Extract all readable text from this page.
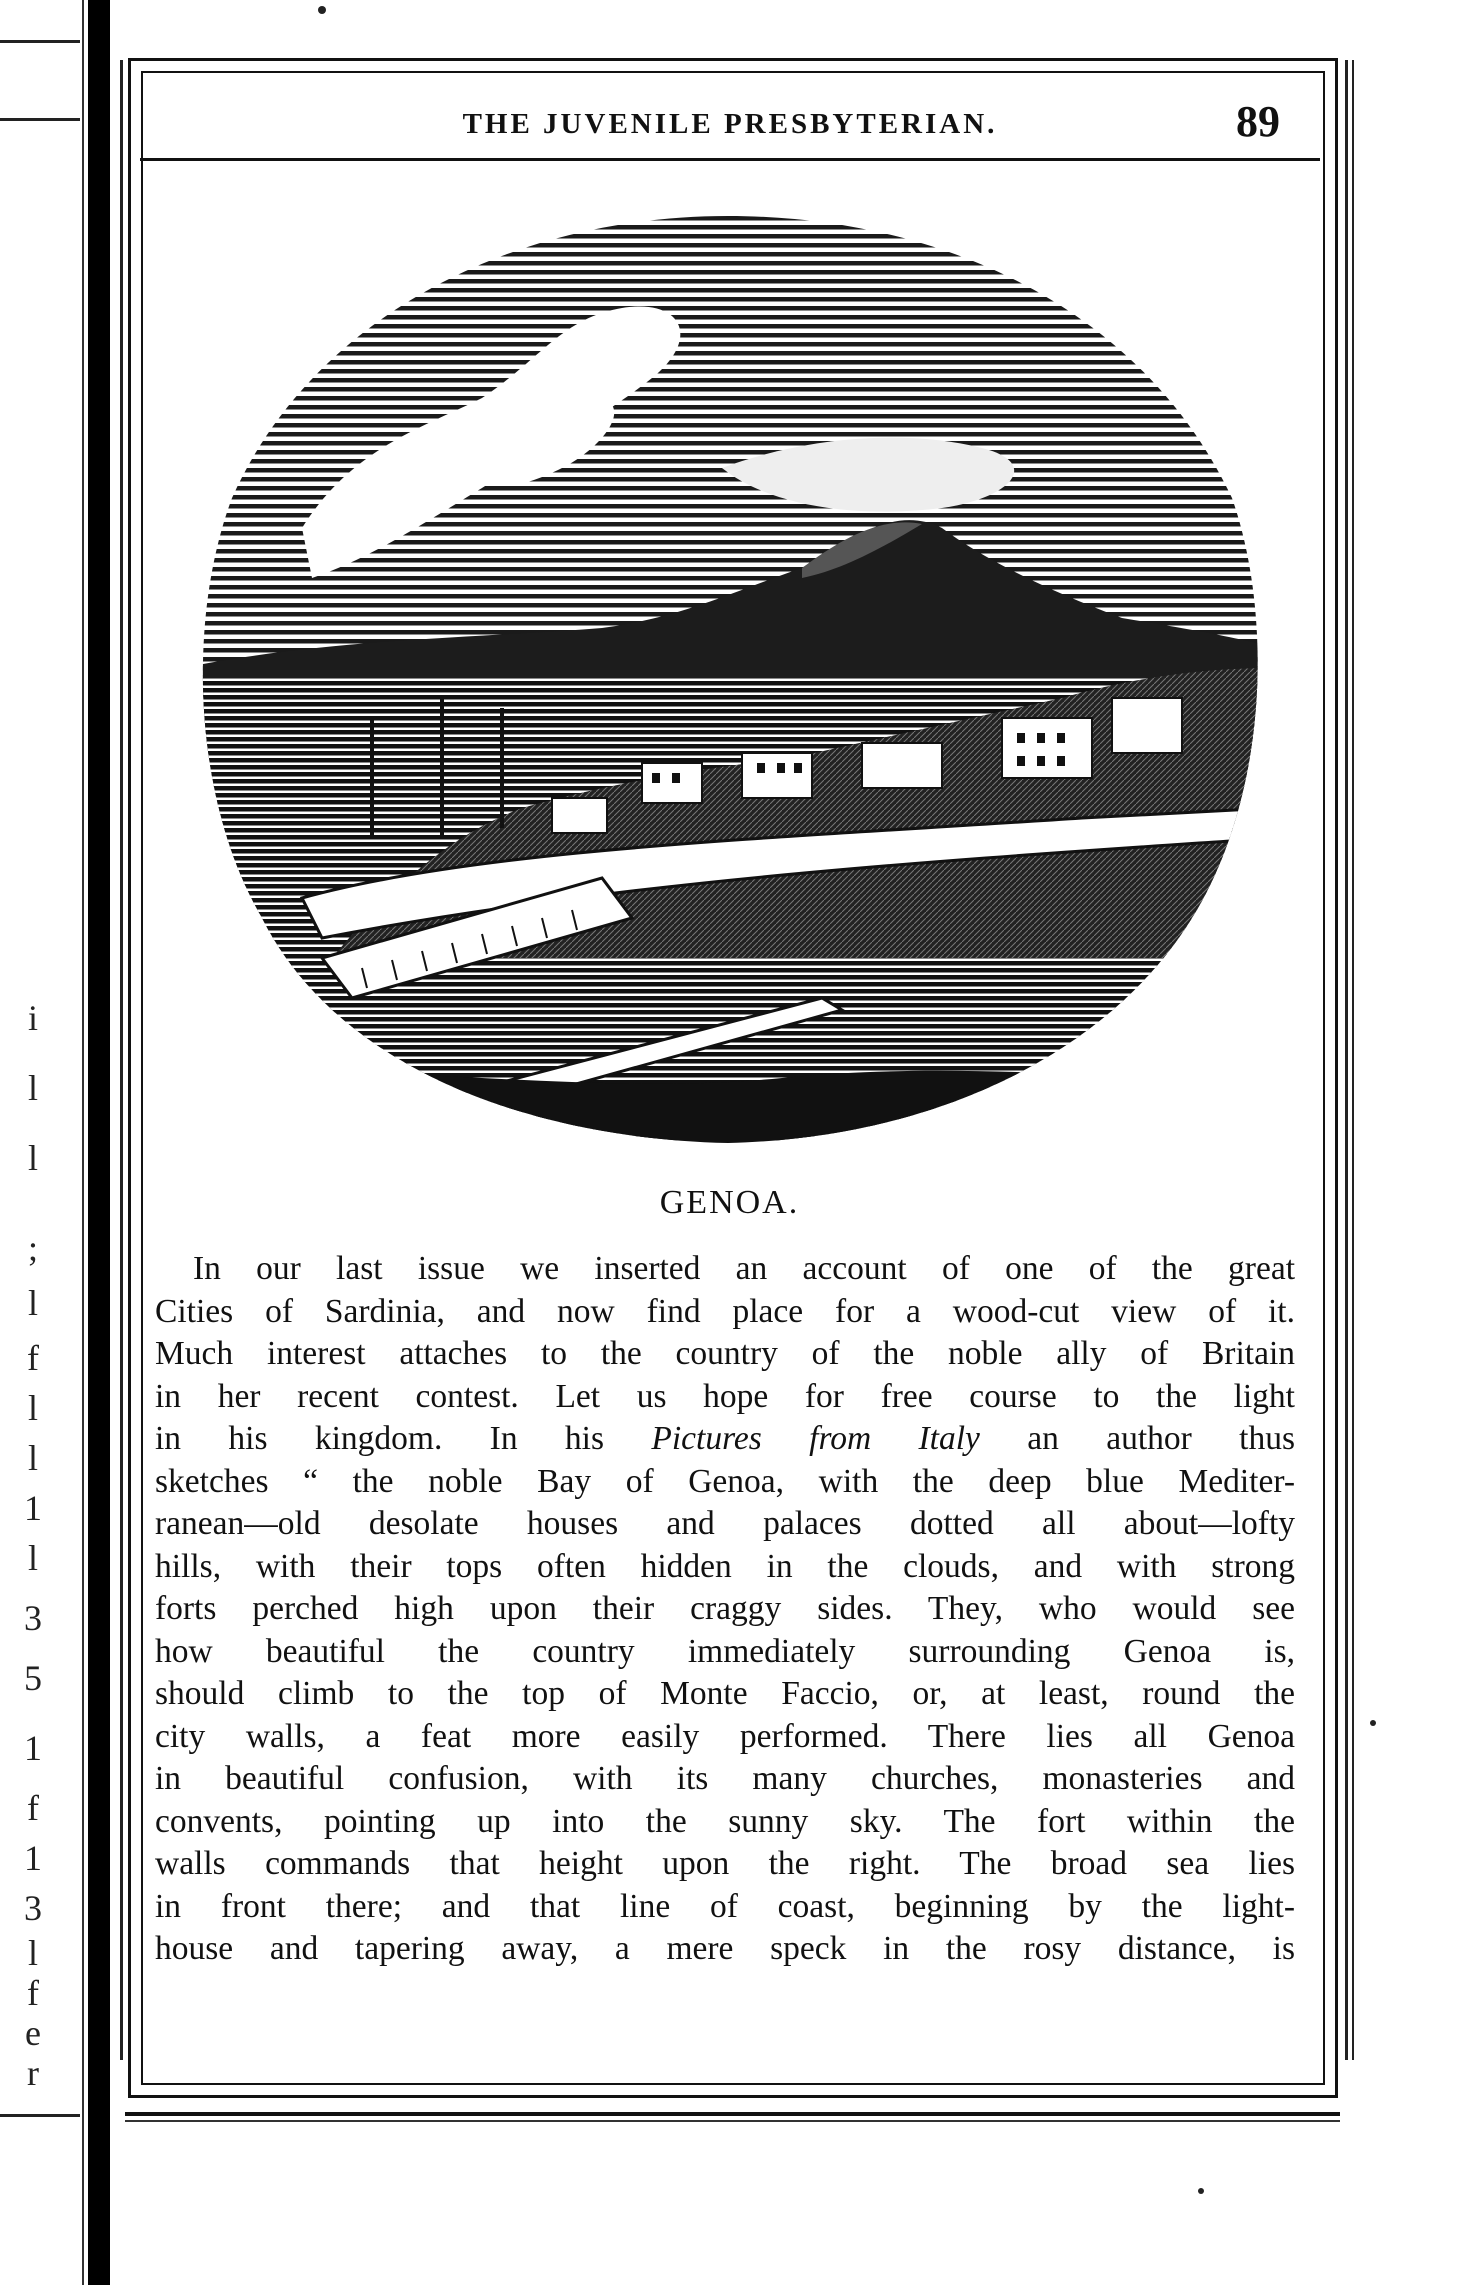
i
l
l
;
l
f
l
l
1
l
3
5
1
f
1
3
l
f
e
r
THE JUVENILE PRESBYTERIAN.	89
GENOA.
In our last issue we inserted an account of one of the great
Cities of Sardinia, and now find place for a wood-cut view of it.
Much interest attaches to the country of the noble ally of Britain
in her recent contest. Let us hope for free course to the light
in his kingdom. In his Pictures from Italy an author thus
sketches “ the noble Bay of Genoa, with the deep blue Mediter-
ranean—old desolate houses and palaces dotted all about—lofty
hills, with their tops often hidden in the clouds, and with strong
forts perched high upon their craggy sides. They, who would see
how beautiful the country immediately surrounding Genoa is,
should climb to the top of Monte Faccio, or, at least, round the
city walls, a feat more easily performed. There lies all Genoa
in beautiful confusion, with its many churches, monasteries and
convents, pointing up into the sunny sky. The fort within the
walls commands that height upon the right. The broad sea lies
in front there; and that line of coast, beginning by the light-
house and tapering away, a mere speck in the rosy distance, is
